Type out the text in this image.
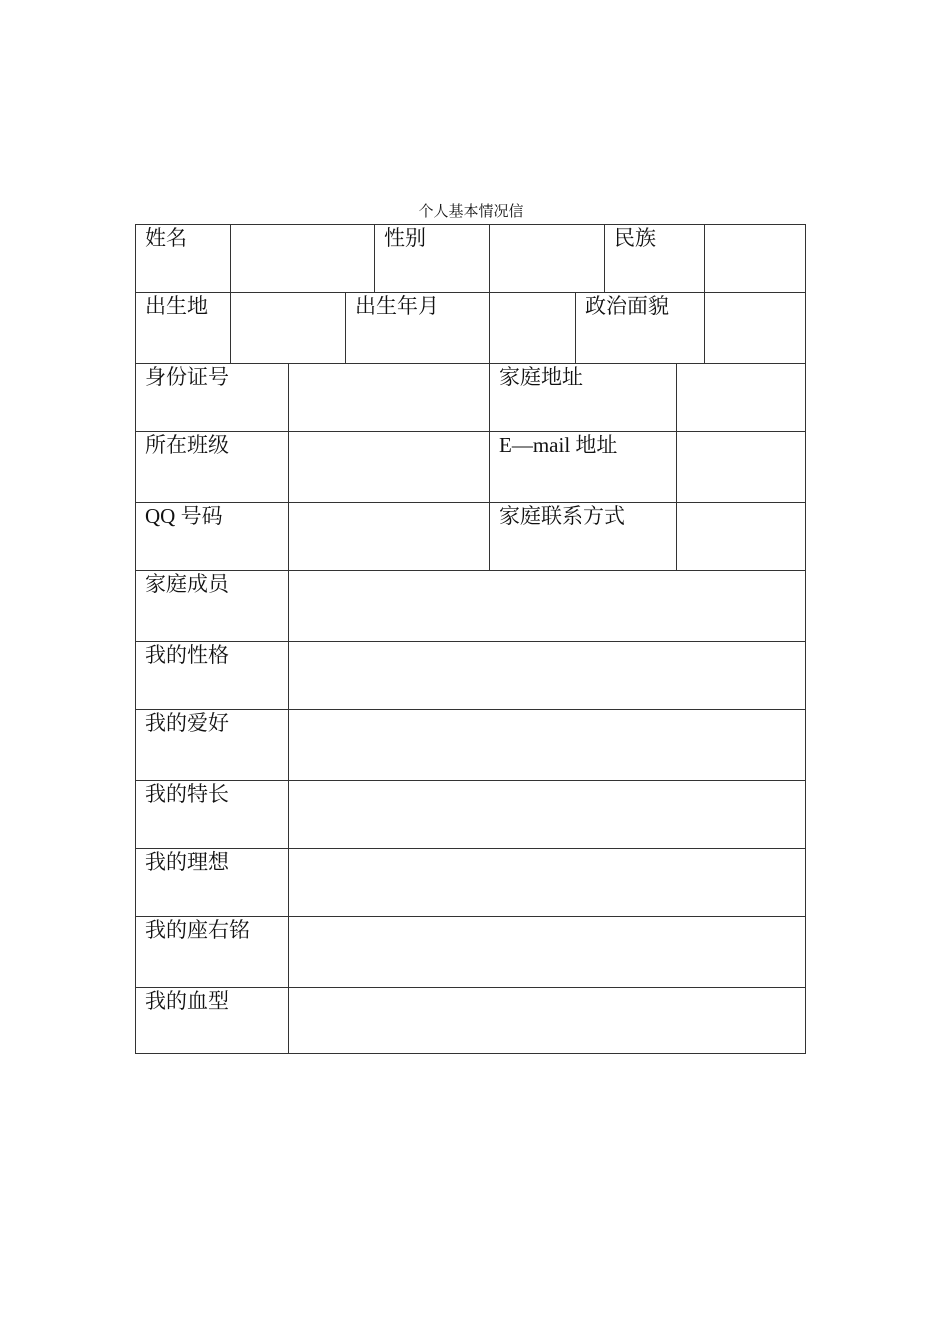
个人基本情况信
姓名	性别	民族
出生地	出生年月	政治面貌
身份证号	家庭地址
所在班级	E—mail 地址
QQ 号码	家庭联系方式
家庭成员
我的性格
我的爱好
我的特长
我的理想
我的座右铭
我的血型
